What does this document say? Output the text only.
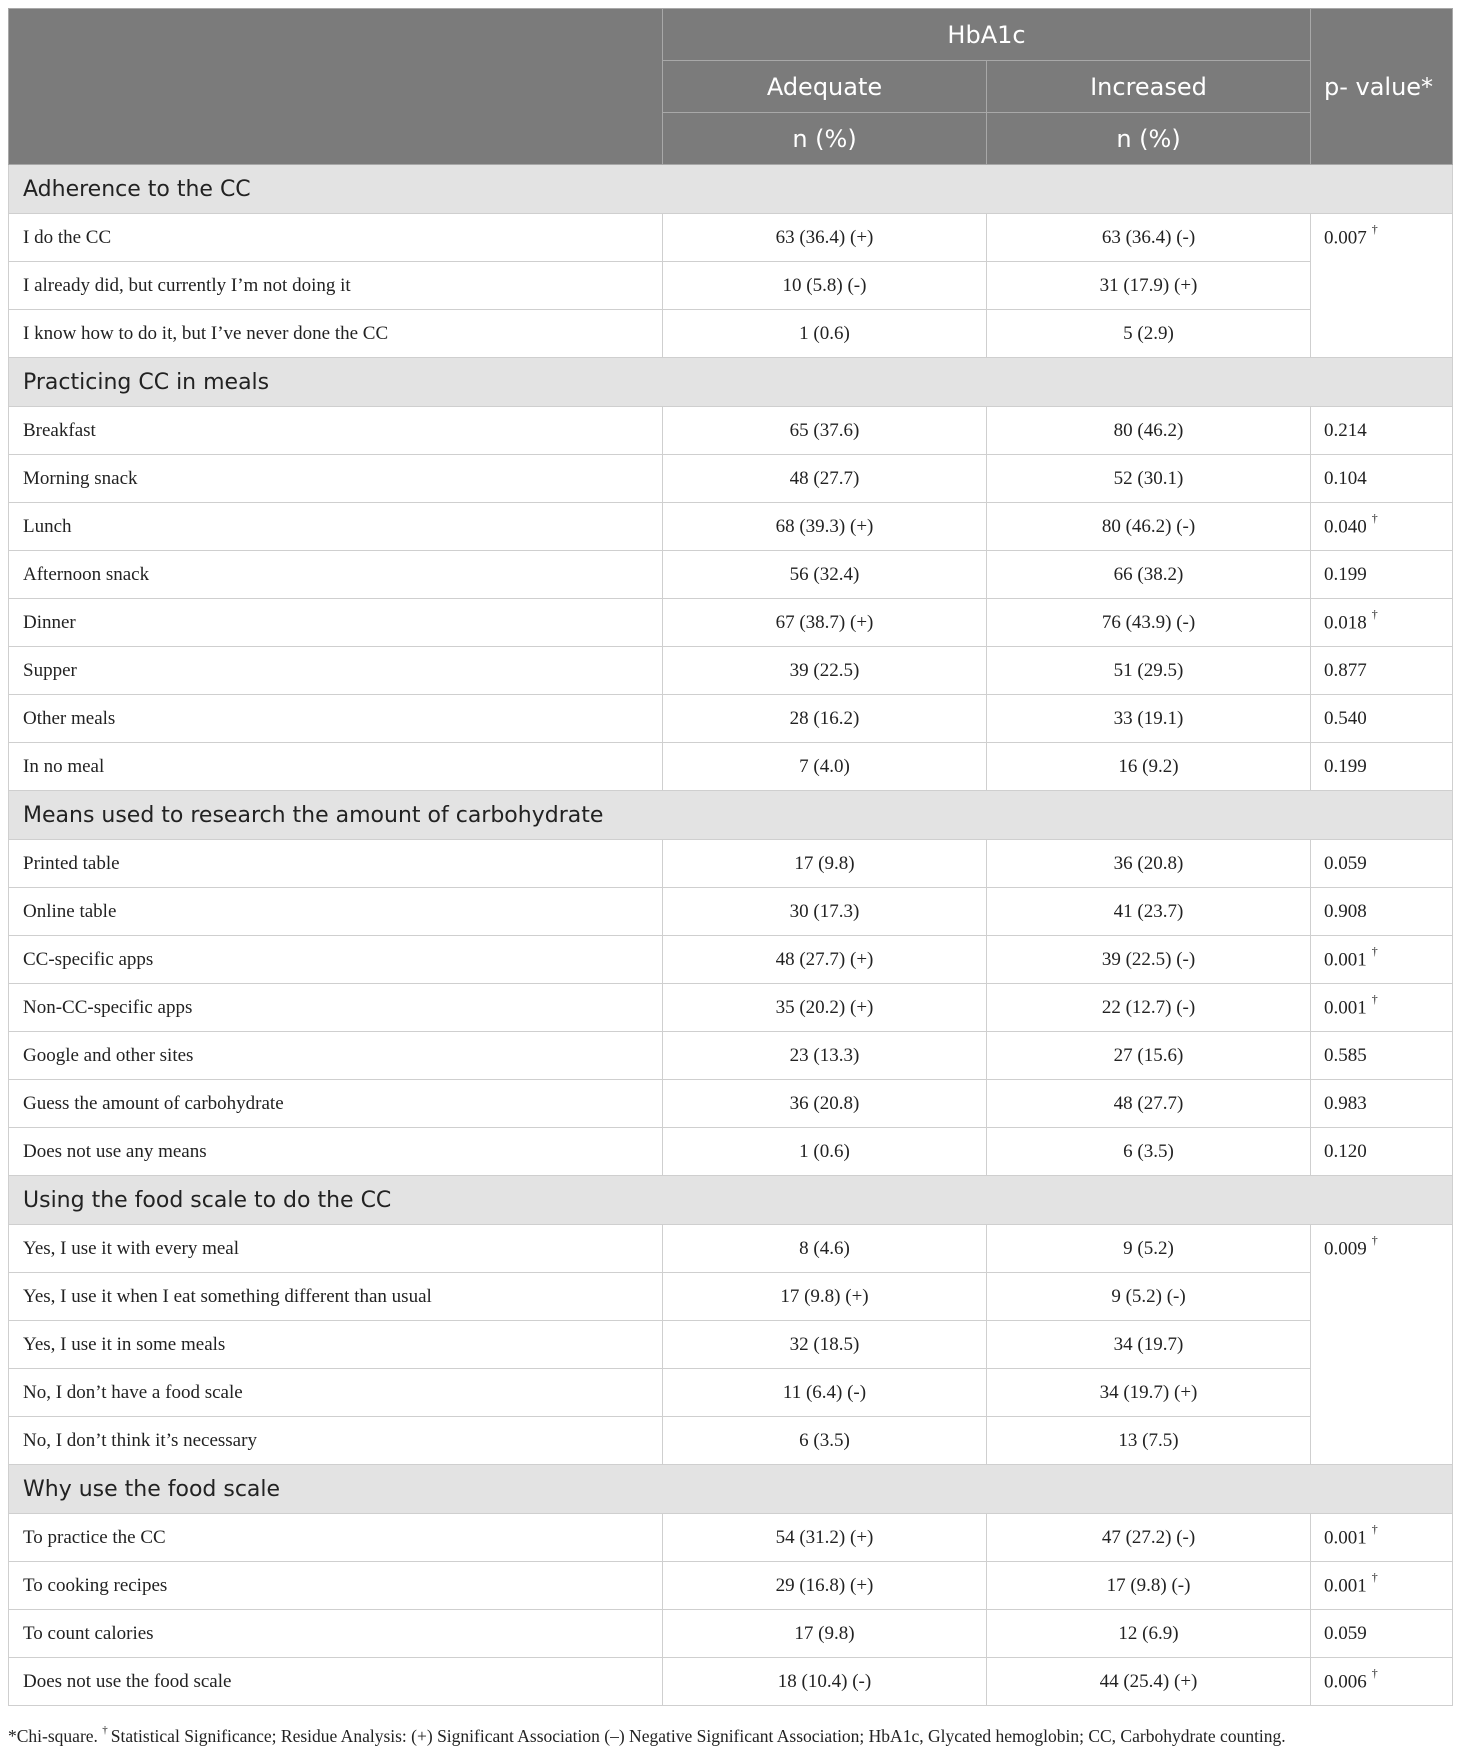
	HbA1c		p- value*
	Adequate	Increased	
	n (%)	n (%)	
Adherence to the CC			
I do the CC	63 (36.4) (+)	63 (36.4) (-)	0.007 †
I already did, but currently I’m not doing it	10 (5.8) (-)	31 (17.9) (+)	
I know how to do it, but I’ve never done the CC	1 (0.6)	5 (2.9)	
Practicing CC in meals			
Breakfast	65 (37.6)	80 (46.2)	0.214
Morning snack	48 (27.7)	52 (30.1)	0.104
Lunch	68 (39.3) (+)	80 (46.2) (-)	0.040 †
Afternoon snack	56 (32.4)	66 (38.2)	0.199
Dinner	67 (38.7) (+)	76 (43.9) (-)	0.018 †
Supper	39 (22.5)	51 (29.5)	0.877
Other meals	28 (16.2)	33 (19.1)	0.540
In no meal	7 (4.0)	16 (9.2)	0.199
Means used to research the amount of carbohydrate			
Printed table	17 (9.8)	36 (20.8)	0.059
Online table	30 (17.3)	41 (23.7)	0.908
CC-specific apps	48 (27.7) (+)	39 (22.5) (-)	0.001 †
Non-CC-specific apps	35 (20.2) (+)	22 (12.7) (-)	0.001 †
Google and other sites	23 (13.3)	27 (15.6)	0.585
Guess the amount of carbohydrate	36 (20.8)	48 (27.7)	0.983
Does not use any means	1 (0.6)	6 (3.5)	0.120
Using the food scale to do the CC			
Yes, I use it with every meal	8 (4.6)	9 (5.2)	0.009 †
Yes, I use it when I eat something different than usual	17 (9.8) (+)	9 (5.2) (-)	
Yes, I use it in some meals	32 (18.5)	34 (19.7)	
No, I don’t have a food scale	11 (6.4) (-)	34 (19.7) (+)	
No, I don’t think it’s necessary	6 (3.5)	13 (7.5)	
Why use the food scale			
To practice the CC	54 (31.2) (+)	47 (27.2) (-)	0.001 †
To cooking recipes	29 (16.8) (+)	17 (9.8) (-)	0.001 †
To count calories	17 (9.8)	12 (6.9)	0.059
Does not use the food scale	18 (10.4) (-)	44 (25.4) (+)	0.006 †
*Chi-square. † Statistical Significance; Residue Analysis: (+) Significant Association (–) Negative Significant Association; HbA1c, Glycated hemoglobin; CC, Carbohydrate counting.
